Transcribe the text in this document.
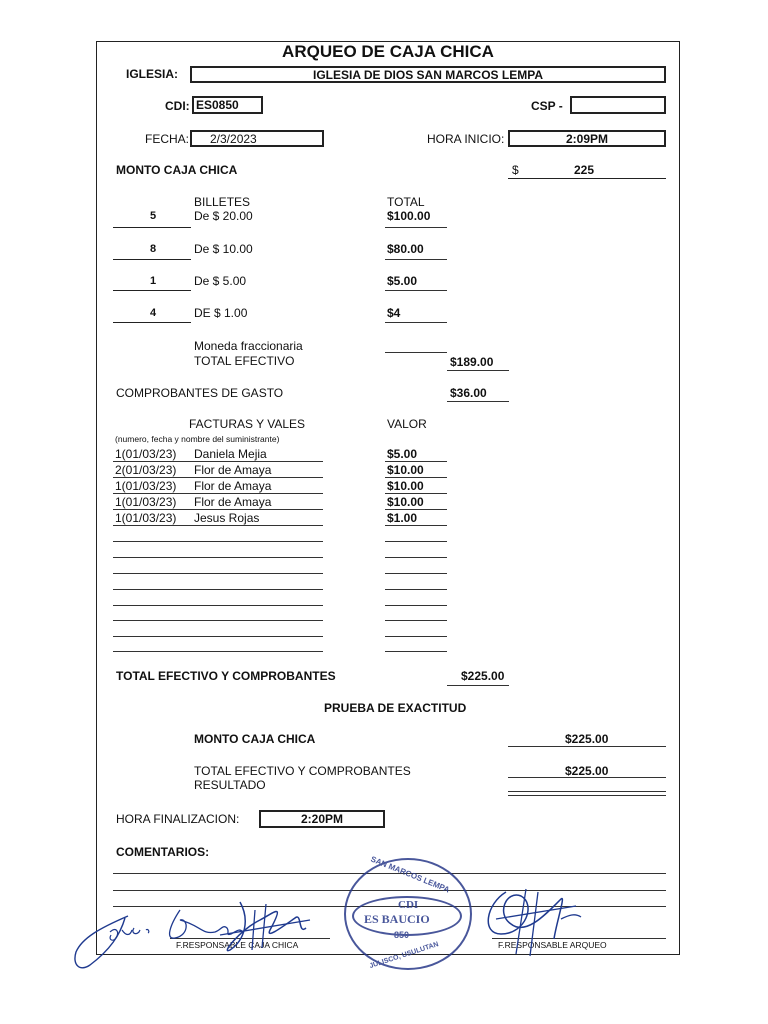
ARQUEO DE CAJA CHICA
IGLESIA:	IGLESIA DE DIOS SAN MARCOS LEMPA
CDI: ES0850	CSP -
FECHA:	2/3/2023	HORA INICIO:	2:09PM
MONTO CAJA CHICA	$	225
BILLETES	TOTAL
5	De $ 20.00	$100.00
8	De $ 10.00	$80.00
1	De $ 5.00	$5.00
4	DE $ 1.00	$4
Moneda fraccionaria
TOTAL EFECTIVO	$189.00
COMPROBANTES DE GASTO	$36.00
FACTURAS Y VALES	VALOR
(numero, fecha y nombre del suministrante)
1(01/03/23) Daniela Mejia	$5.00
2(01/03/23) Flor de Amaya	$10.00
1(01/03/23) Flor de Amaya	$10.00
1(01/03/23) Flor de Amaya	$10.00
1(01/03/23) Jesus Rojas	$1.00
TOTAL EFECTIVO Y COMPROBANTES	$225.00
PRUEBA DE EXACTITUD
MONTO CAJA CHICA	$225.00
TOTAL EFECTIVO Y COMPROBANTES	$225.00
RESULTADO
HORA FINALIZACION:	2:20PM
COMENTARIOS:
F.RESPONSABLE CAJA CHICA	F.RESPONSABLE ARQUEO
SAN MARCOS LEMPA
CDI
ES BAUCIO
850
JULISCO, USULUTAN
